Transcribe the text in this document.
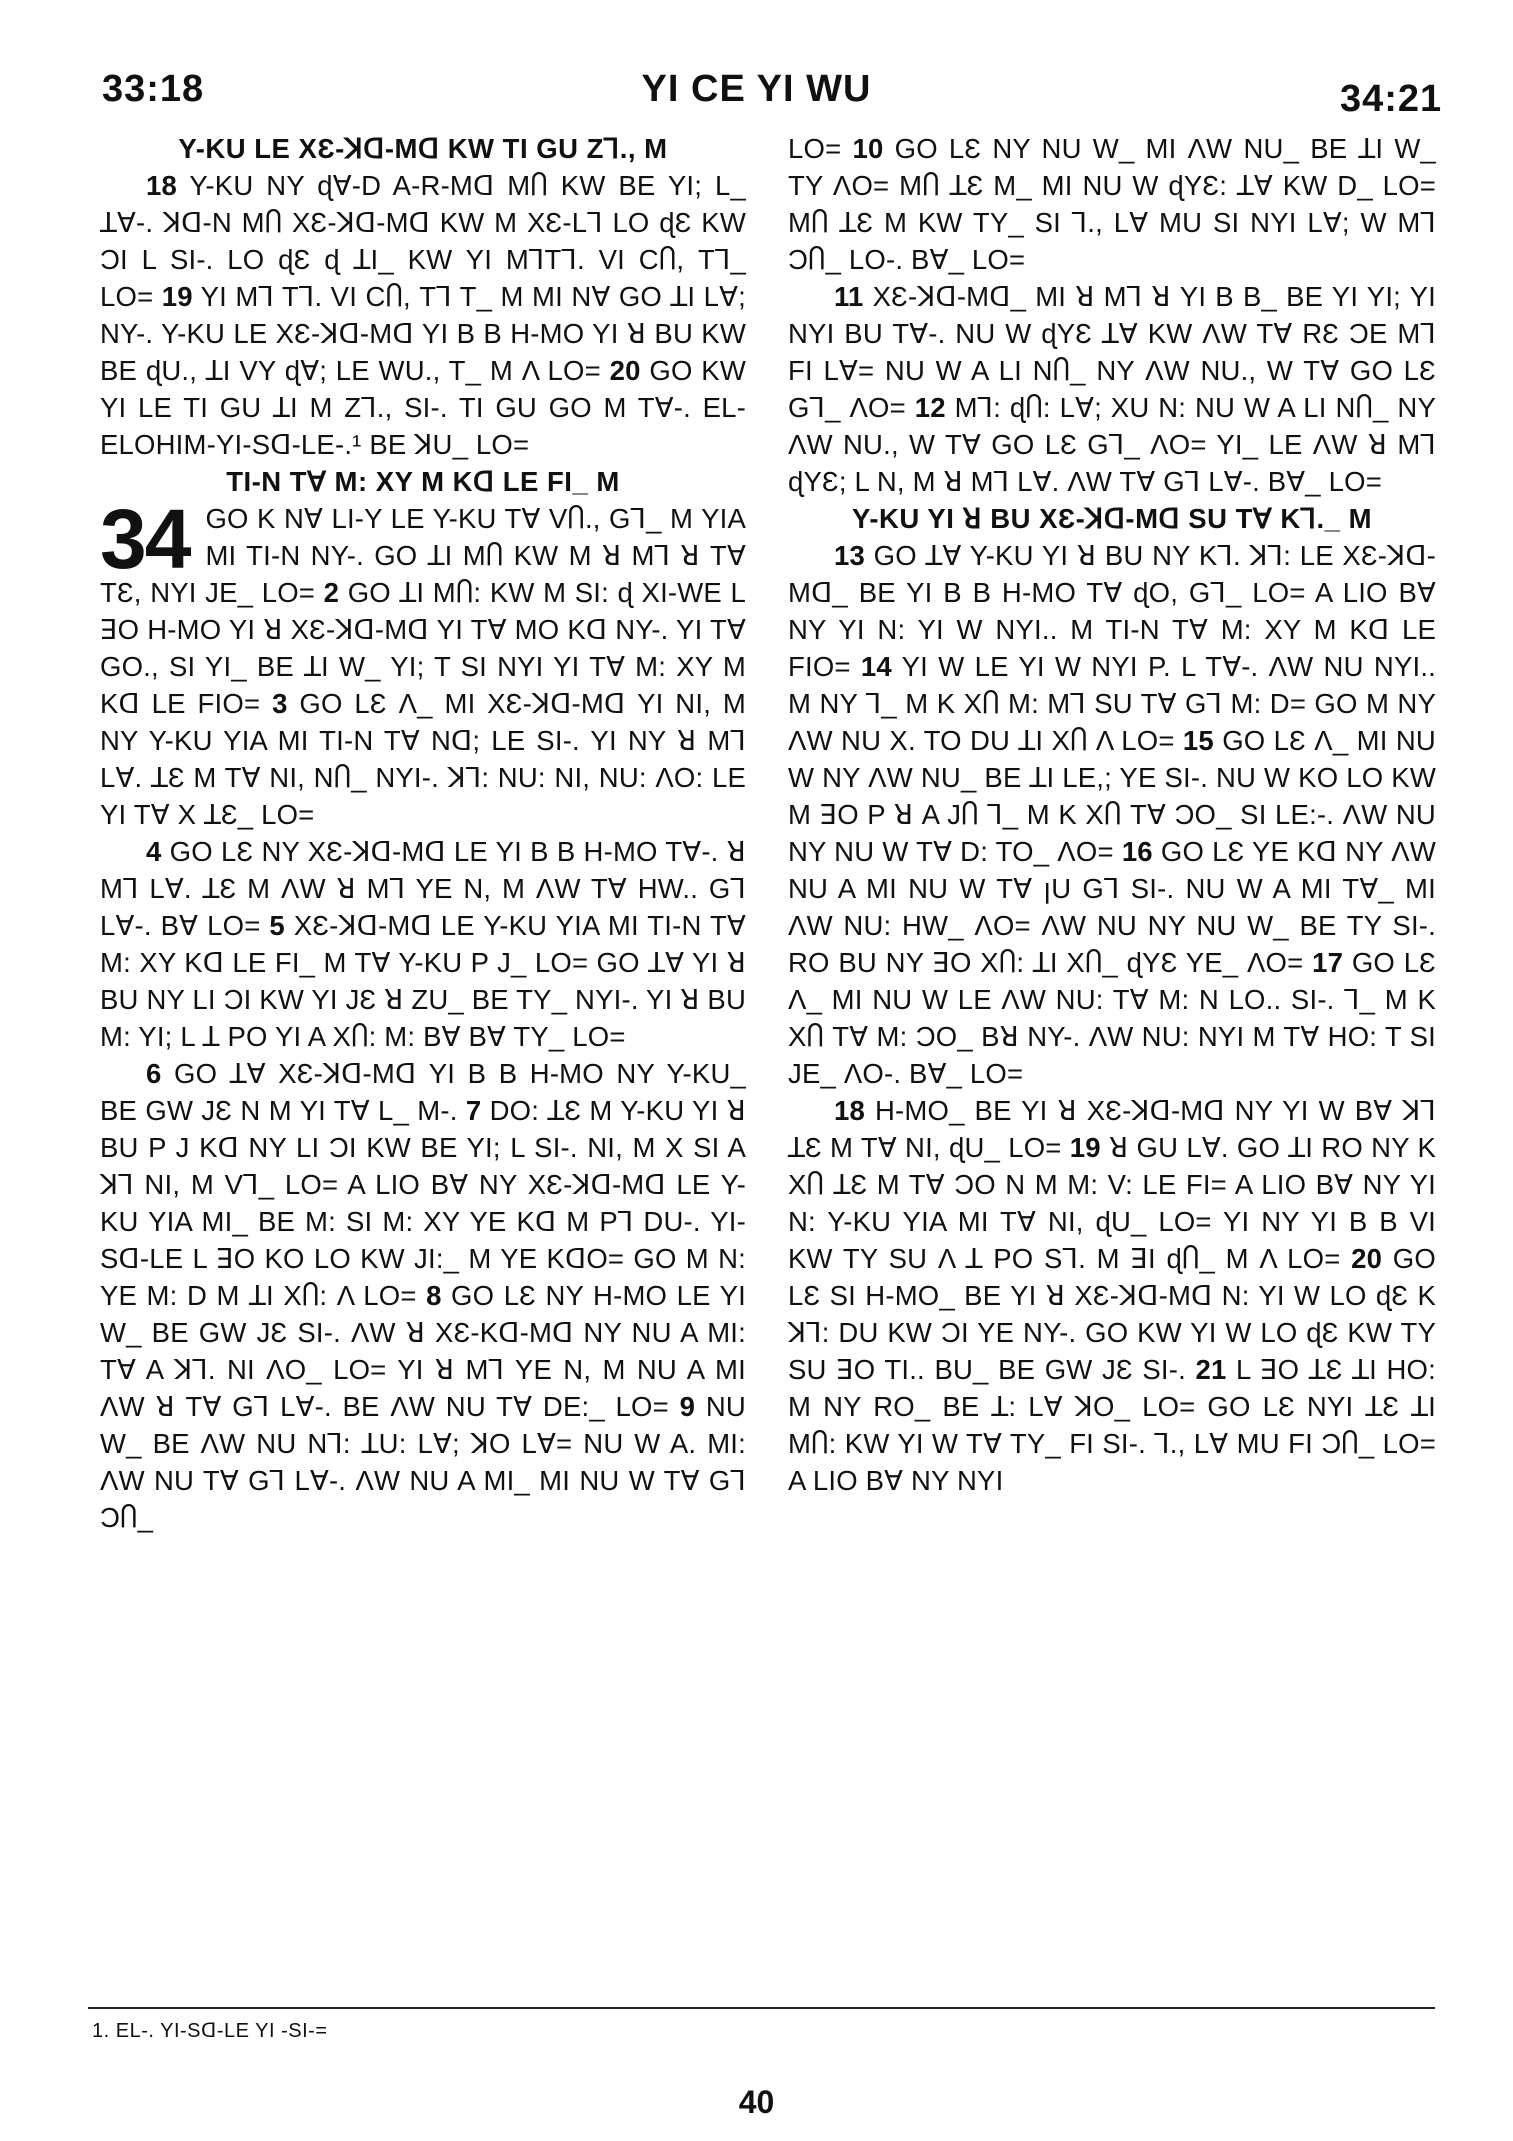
33:18	YI CE YI WU	34:21

Y-KU LE XƐ-ꓘᗡ-Mᗡ KW TI GU Z⅂., M

18 Y-KU NY ɖⱯ-D A-R-Mᗡ MႶ KW BE YI; L_ ꓕⱯ-. ꓘᗡ-N MႶ XƐ-ꓘᗡ-Mᗡ KW M XƐ-L⅂ LO ɖƐ KW ƆI L SI-. LO ɖƐ ɖ ꓕI_ KW YI M⅂T⅂. VI CႶ, T⅂_ LO= 19 YI M⅂ T⅂. VI CႶ, T⅂ T_ M MI NⱯ GO ꓕI LⱯ; NY-. Y-KU LE XƐ-ꓘᗡ-Mᗡ YI B B H-MO YI ꓤ BU KW BE ɖU., ꓕI VY ɖⱯ; LE WU., T_ M Λ LO= 20 GO KW YI LE TI GU ꓕI M Z⅂., SI-. TI GU GO M TⱯ-. EL-ELOHIM-YI-Sᗡ-LE-.¹ BE ꓘU_ LO=

TI-N TⱯ M: XY M Kᗡ LE FI_ M

34 GO K NⱯ LI-Y LE Y-KU TⱯ VႶ., G⅂_ M YIA MI TI-N NY-. GO ꓕI MႶ KW M ꓤ M⅂ ꓤ TⱯ TƐ, NYI JE_ LO= 2 GO ꓕI MႶ: KW M SI: ɖ XI-WE L ꓱO H-MO YI ꓤ XƐ-ꓘᗡ-Mᗡ YI TⱯ MO Kᗡ NY-. YI TⱯ GO., SI YI_ BE ꓕI W_ YI; T SI NYI YI TⱯ M: XY M Kᗡ LE FIO= 3 GO LƐ Λ_ MI XƐ-ꓘᗡ-Mᗡ YI NI, M NY Y-KU YIA MI TI-N TⱯ Nᗡ; LE SI-. YI NY ꓤ M⅂ LⱯ. ꓕƐ M TⱯ NI, NႶ_ NYI-. ꓘ⅂: NU: NI, NU: ΛO: LE YI TⱯ X ꓕƐ_ LO=

4 GO LƐ NY XƐ-ꓘᗡ-Mᗡ LE YI B B H-MO TⱯ-. ꓤ M⅂ LⱯ. ꓕƐ M ΛW ꓤ M⅂ YE N, M ΛW TⱯ HW.. G⅂ LⱯ-. BⱯ LO= 5 XƐ-ꓘᗡ-Mᗡ LE Y-KU YIA MI TI-N TⱯ M: XY Kᗡ LE FI_ M TⱯ Y-KU P J_ LO= GO ꓕⱯ YI ꓤ BU NY LI ƆI KW YI JƐ ꓤ ZU_ BE TY_ NYI-. YI ꓤ BU M: YI; L ꓕ PO YI A XႶ: M: BⱯ BⱯ TY_ LO=

6 GO ꓕⱯ XƐ-ꓘᗡ-Mᗡ YI B B H-MO NY Y-KU_ BE GW JƐ N M YI TⱯ L_ M-. 7 DO: ꓕƐ M Y-KU YI ꓤ BU P J Kᗡ NY LI ƆI KW BE YI; L SI-. NI, M X SI A ꓘ⅂ NI, M V⅂_ LO= A LIO BⱯ NY XƐ-ꓘᗡ-Mᗡ LE Y-KU YIA MI_ BE M: SI M: XY YE Kᗡ M P⅂ DU-. YI-Sᗡ-LE L ꓱO KO LO KW JI:_ M YE KᗡO= GO M N: YE M: D M ꓕI XႶ: Λ LO= 8 GO LƐ NY H-MO LE YI W_ BE GW JƐ SI-. ΛW ꓤ XƐ-Kᗡ-Mᗡ NY NU A MI: TⱯ A ꓘ⅂. NI ΛO_ LO= YI ꓤ M⅂ YE N, M NU A MI ΛW ꓤ TⱯ G⅂ LⱯ-. BE ΛW NU TⱯ DE:_ LO= 9 NU W_ BE ΛW NU N⅂: ꓕU: LⱯ; ꓘO LⱯ= NU W A. MI: ΛW NU TⱯ G⅂ LⱯ-. ΛW NU A MI_ MI NU W TⱯ G⅂ ƆႶ_

LO= 10 GO LƐ NY NU W_ MI ΛW NU_ BE ꓕI W_ TY ΛO= MႶ ꓕƐ M_ MI NU W ɖYƐ: ꓕⱯ KW D_ LO= MႶ ꓕƐ M KW TY_ SI ⅂., LⱯ MU SI NYI LⱯ; W M⅂ ƆႶ_ LO-. BⱯ_ LO=

11 XƐ-ꓘᗡ-Mᗡ_ MI ꓤ M⅂ ꓤ YI B B_ BE YI YI; YI NYI BU TⱯ-. NU W ɖYƐ ꓕⱯ KW ΛW TⱯ RƐ ƆE M⅂ FI LⱯ= NU W A LI NႶ_ NY ΛW NU., W TⱯ GO LƐ G⅂_ ΛO= 12 M⅂: ɖႶ: LⱯ; XU N: NU W A LI NႶ_ NY ΛW NU., W TⱯ GO LƐ G⅂_ ΛO= YI_ LE ΛW ꓤ M⅂ ɖYƐ; L N, M ꓤ M⅂ LⱯ. ΛW TⱯ G⅂ LⱯ-. BⱯ_ LO=

Y-KU YI ꓤ BU XƐ-ꓘᗡ-Mᗡ SU TⱯ K⅂._ M

13 GO ꓕⱯ Y-KU YI ꓤ BU NY K⅂. ꓘ⅂: LE XƐ-ꓘᗡ-Mᗡ_ BE YI B B H-MO TⱯ ɖO, G⅂_ LO= A LIO BⱯ NY YI N: YI W NYI.. M TI-N TⱯ M: XY M Kᗡ LE FIO= 14 YI W LE YI W NYI P. L TⱯ-. ΛW NU NYI.. M NY ⅂_ M K XႶ M: M⅂ SU TⱯ G⅂ M: D= GO M NY ΛW NU X. TO DU ꓕI XႶ Λ LO= 15 GO LƐ Λ_ MI NU W NY ΛW NU_ BE ꓕI LE,; YE SI-. NU W KO LO KW M ꓱO P ꓤ A JႶ ⅂_ M K XႶ TⱯ ƆO_ SI LE:-. ΛW NU NY NU W TⱯ D: TO_ ΛO= 16 GO LƐ YE Kᗡ NY ΛW NU A MI NU W TⱯ ꞁU G⅂ SI-. NU W A MI TⱯ_ MI ΛW NU: HW_ ΛO= ΛW NU NY NU W_ BE TY SI-. RO BU NY ꓱO XႶ: ꓕI XႶ_ ɖYƐ YE_ ΛO= 17 GO LƐ Λ_ MI NU W LE ΛW NU: TⱯ M: N LO.. SI-. ⅂_ M K XႶ TⱯ M: ƆO_ Bꓤ NY-. ΛW NU: NYI M TⱯ HO: T SI JE_ ΛO-. BⱯ_ LO=

18 H-MO_ BE YI ꓤ XƐ-ꓘᗡ-Mᗡ NY YI W BⱯ ꓘ⅂ ꓕƐ M TⱯ NI, ɖU_ LO= 19 ꓤ GU LⱯ. GO ꓕI RO NY K XႶ ꓕƐ M TⱯ ƆO N M M: V: LE FI= A LIO BⱯ NY YI N: Y-KU YIA MI TⱯ NI, ɖU_ LO= YI NY YI B B VI KW TY SU Λ ꓕ PO S⅂. M ꓱI ɖႶ_ M Λ LO= 20 GO LƐ SI H-MO_ BE YI ꓤ XƐ-ꓘᗡ-Mᗡ N: YI W LO ɖƐ K ꓘ⅂: DU KW ƆI YE NY-. GO KW YI W LO ɖƐ KW TY SU ꓱO TI.. BU_ BE GW JƐ SI-. 21 L ꓱO ꓕƐ ꓕI HO: M NY RO_ BE ꓕ: LⱯ ꓘO_ LO= GO LƐ NYI ꓕƐ ꓕI MႶ: KW YI W TⱯ TY_ FI SI-. ⅂., LⱯ MU FI ƆႶ_ LO= A LIO BⱯ NY NYI

1. EL-. YI-Sᗡ-LE YI -SI-=
40
